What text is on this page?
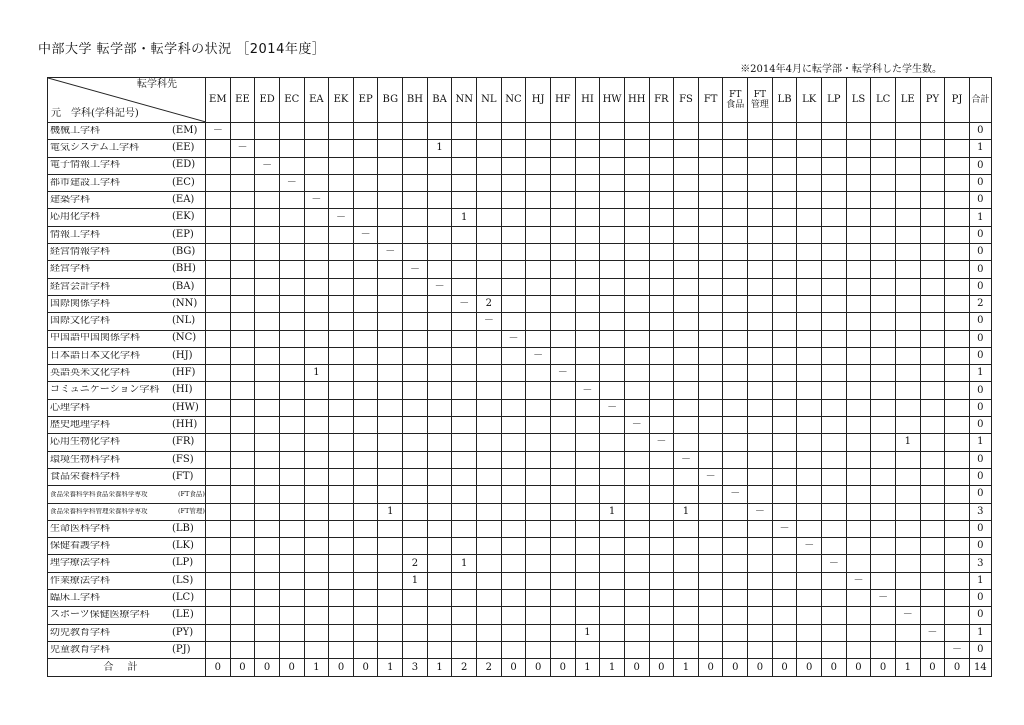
中部大学 転学部・転学科の状況 ［2014年度］
※2014年4月に転学部・転学科した学生数。
転学科先
元　学科(学科記号)	EM	EE	ED	EC	EA	EK	EP	BG	BH	BA	NN	NL	NC	HJ	HF	HI	HW	HH	FR	FS	FT	FT 食品	FT 管理	LB	LK	LP	LS	LC	LE	PY	PJ	合計
機械工学科 (EM)	－																															0
電気システム工学科 (EE)		－								1																						1
電子情報工学科 (ED)			－																													0
都市建設工学科 (EC)				－																												0
建築学科 (EA)					－																											0
応用化学科 (EK)						－					1																					1
情報工学科 (EP)							－																									0
経営情報学科 (BG)								－																								0
経営学科 (BH)									－																							0
経営会計学科 (BA)										－																						0
国際関係学科 (NN)											－	2																				2
国際文化学科 (NL)												－																				0
中国語中国関係学科 (NC)													－																			0
日本語日本文化学科 (HJ)														－																		0
英語英米文化学科 (HF)					1										－																	1
コミュニケーション学科 (HI)																－																0
心理学科 (HW)																	－															0
歴史地理学科 (HH)																		－														0
応用生物化学科 (FR)																			－										1			1
環境生物科学科 (FS)																				－												0
食品栄養科学科 (FT)																					－											0
食品栄養科学科食品栄養科学専攻 (FT食品)																						－										0
食品栄養科学科管理栄養科学専攻 (FT管理)								1									1			1			－									3
生命医科学科 (LB)																								－								0
保健看護学科 (LK)																									－							0
理学療法学科 (LP)									2		1															－						3
作業療法学科 (LS)									1																		－					1
臨床工学科 (LC)																												－				0
スポーツ保健医療学科 (LE)																													－			0
幼児教育学科 (PY)																1														－		1
児童教育学科 (PJ)																															－	0
合計	0	0	0	0	1	0	0	1	3	1	2	2	0	0	0	1	1	0	0	1	0	0	0	0	0	0	0	0	1	0	0	14
